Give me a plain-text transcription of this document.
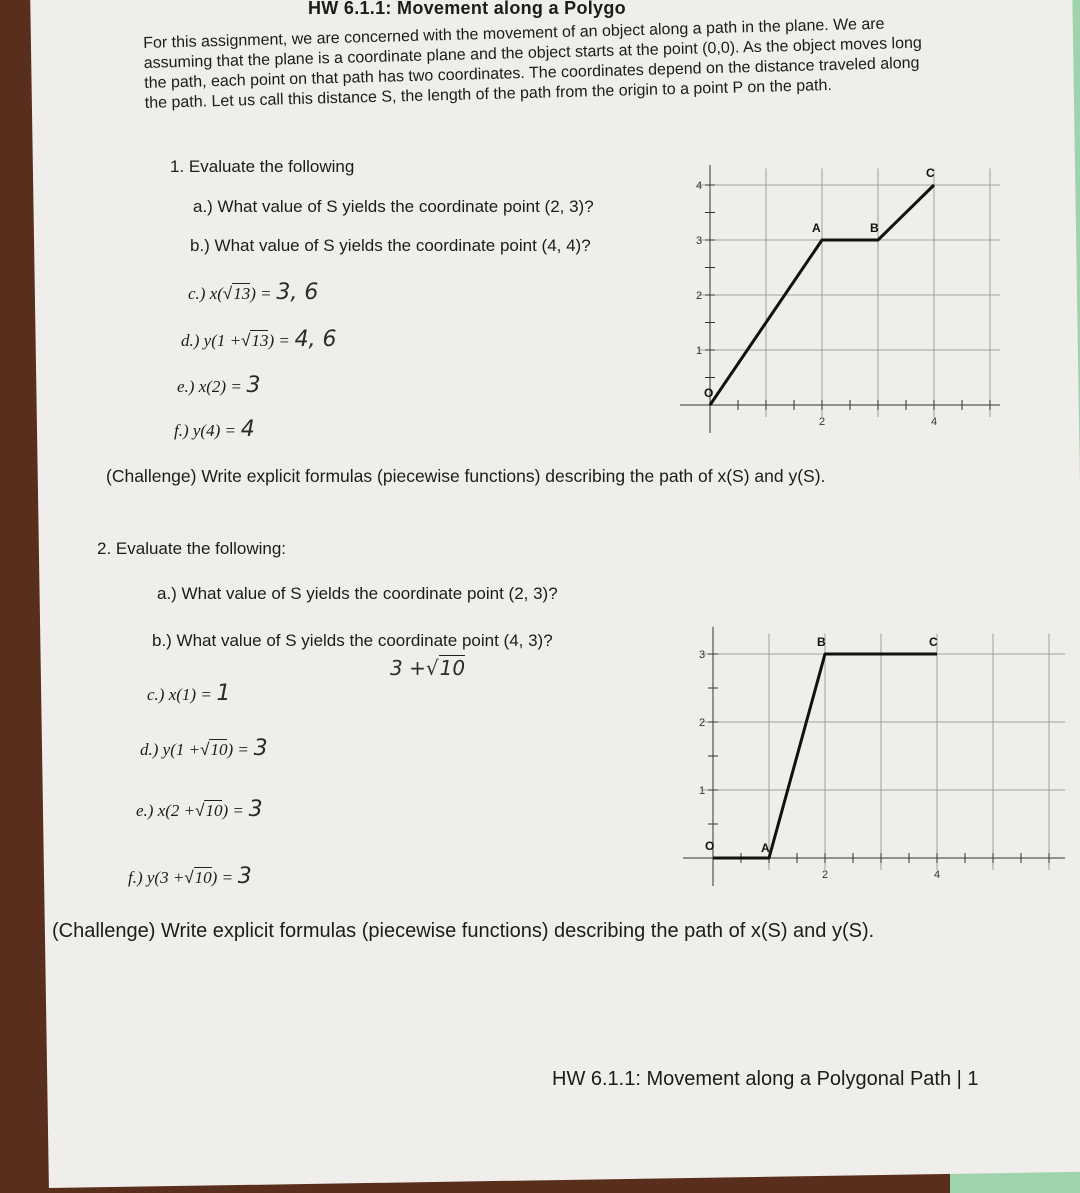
HW 6.1.1: Movement along a Polygo
For this assignment, we are concerned with the movement of an object along a path in the plane. We are assuming that the plane is a coordinate plane and the object starts at the point (0,0). As the object moves long the path, each point on that path has two coordinates. The coordinates depend on the distance traveled along the path. Let us call this distance S, the length of the path from the origin to a point P on the path.
1. Evaluate the following
a.) What value of S yields the coordinate point (2, 3)?
b.) What value of S yields the coordinate point (4, 4)?
c.) x(√13) = 3, 6
d.) y(1 +√13) = 4, 6
e.) x(2) = 3
f.) y(4) = 4
(Challenge) Write explicit formulas (piecewise functions) describing the path of x(S) and y(S).
2	4
1
2
3
4
O
A	B
C
2. Evaluate the following:
a.) What value of S yields the coordinate point (2, 3)?
b.) What value of S yields the coordinate point (4, 3)?
3 +√10
c.) x(1) = 1
d.) y(1 +√10) = 3
e.) x(2 +√10) = 3
f.) y(3 +√10) = 3
(Challenge) Write explicit formulas (piecewise functions) describing the path of x(S) and y(S).
2	4
1
2
3
O	A
B	C
HW 6.1.1: Movement along a Polygonal Path | 1
